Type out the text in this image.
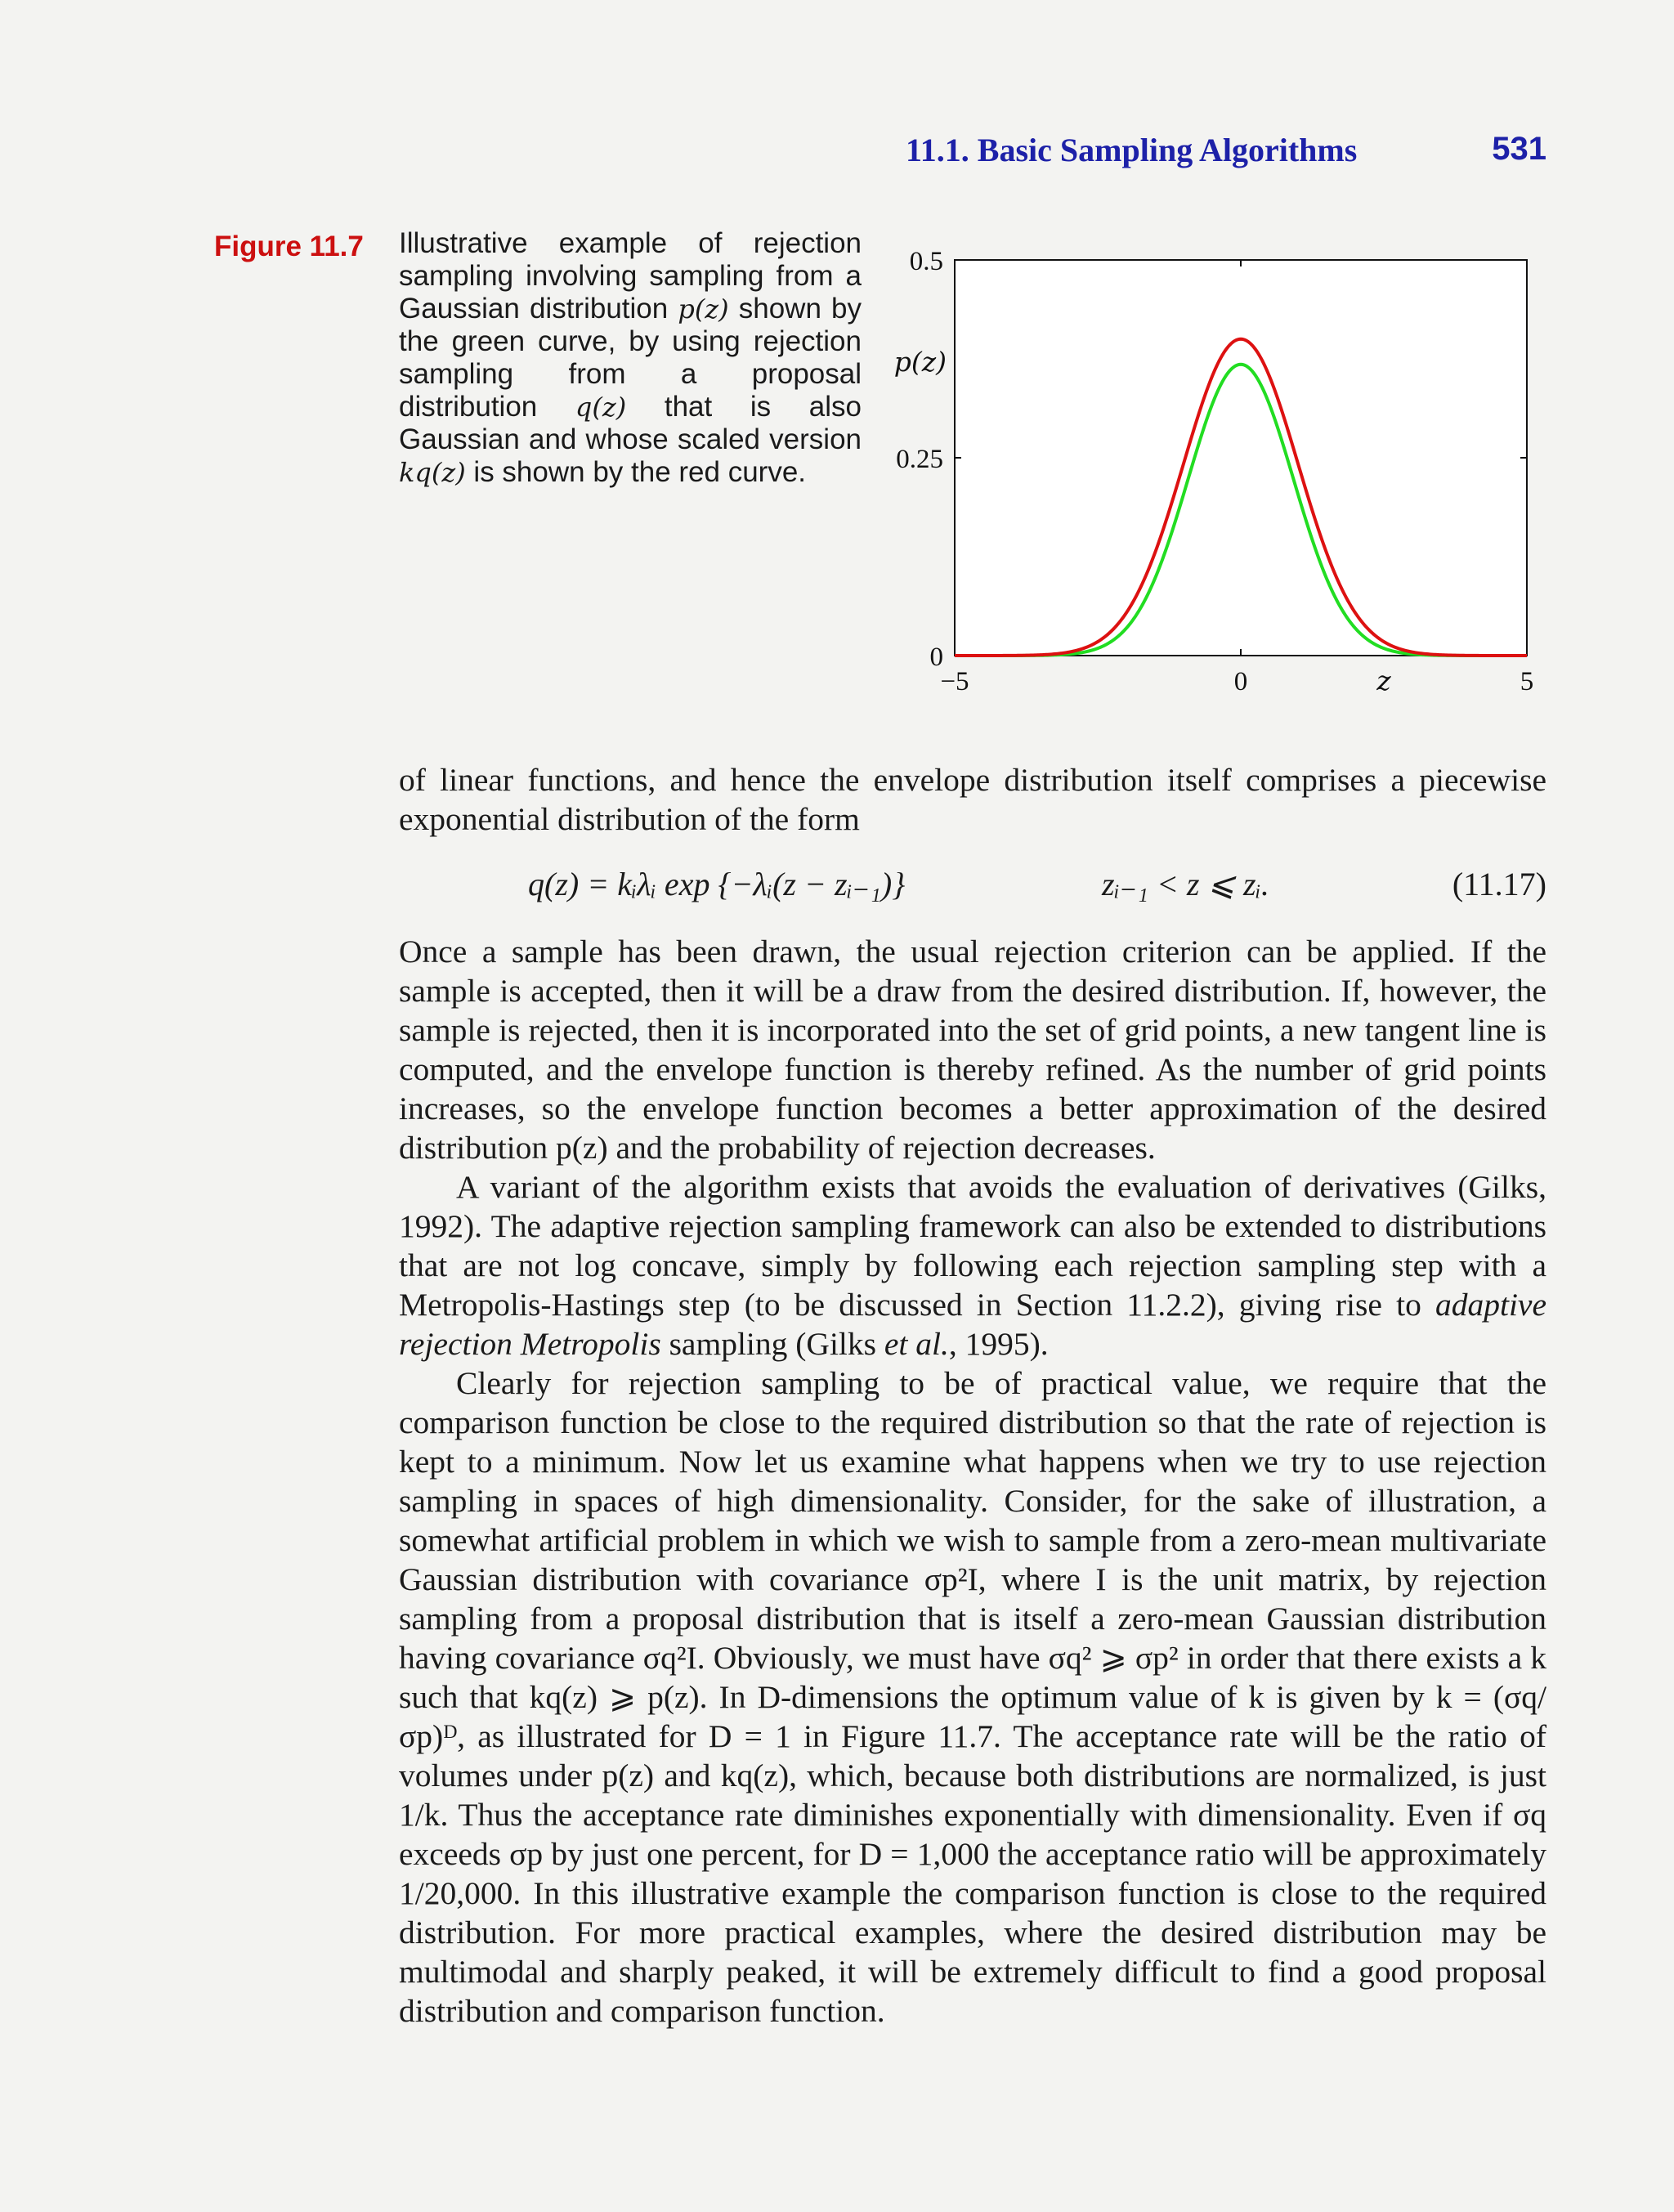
11.1. Basic Sampling Algorithms	531
Figure 11.7 Illustrative example of rejection sampling involving sampling from a Gaussian distribution p(z) shown by the green curve, by using rejection sampling from a proposal distribution q(z) that is also Gaussian and whose scaled version kq(z) is shown by the red curve.

0
0.25
0.5
−5	0	5
p(z)
z

of linear functions, and hence the envelope distribution itself comprises a piecewise exponential distribution of the form

q(z) = kᵢλᵢ exp {−λᵢ(z − zᵢ₋₁)}	zᵢ₋₁ < z ⩽ zᵢ.	(11.17)

Once a sample has been drawn, the usual rejection criterion can be applied. If the sample is accepted, then it will be a draw from the desired distribution. If, however, the sample is rejected, then it is incorporated into the set of grid points, a new tangent line is computed, and the envelope function is thereby refined. As the number of grid points increases, so the envelope function becomes a better approximation of the desired distribution p(z) and the probability of rejection decreases.

A variant of the algorithm exists that avoids the evaluation of derivatives (Gilks, 1992). The adaptive rejection sampling framework can also be extended to distributions that are not log concave, simply by following each rejection sampling step with a Metropolis-Hastings step (to be discussed in Section 11.2.2), giving rise to adaptive rejection Metropolis sampling (Gilks et al., 1995).

Clearly for rejection sampling to be of practical value, we require that the comparison function be close to the required distribution so that the rate of rejection is kept to a minimum. Now let us examine what happens when we try to use rejection sampling in spaces of high dimensionality. Consider, for the sake of illustration, a somewhat artificial problem in which we wish to sample from a zero-mean multivariate Gaussian distribution with covariance σp²I, where I is the unit matrix, by rejection sampling from a proposal distribution that is itself a zero-mean Gaussian distribution having covariance σq²I. Obviously, we must have σq² ⩾ σp² in order that there exists a k such that kq(z) ⩾ p(z). In D-dimensions the optimum value of k is given by k = (σq/σp)ᴰ, as illustrated for D = 1 in Figure 11.7. The acceptance rate will be the ratio of volumes under p(z) and kq(z), which, because both distributions are normalized, is just 1/k. Thus the acceptance rate diminishes exponentially with dimensionality. Even if σq exceeds σp by just one percent, for D = 1,000 the acceptance ratio will be approximately 1/20,000. In this illustrative example the comparison function is close to the required distribution. For more practical examples, where the desired distribution may be multimodal and sharply peaked, it will be extremely difficult to find a good proposal distribution and comparison function.
